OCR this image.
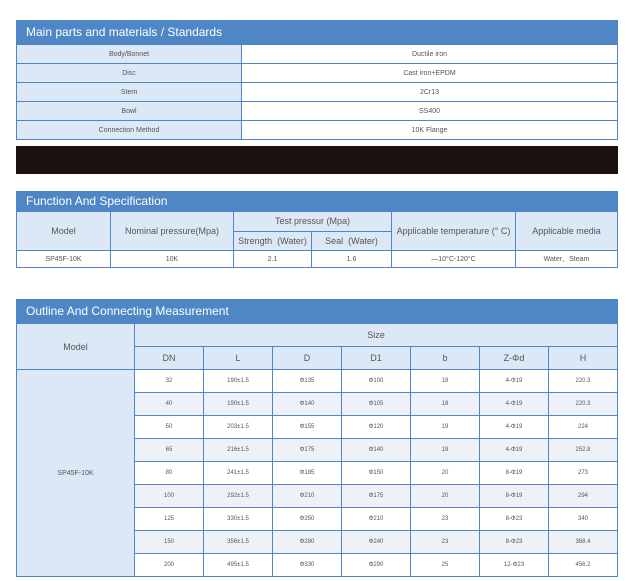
Main parts and materials / Standards
Body/Bonnet	Ductile iron
Disc	Cast iron+EPDM
Stem	2Cr13
Bowl	SS400
Connection Method	10K Flange
Function And Specification
Model	Nominal pressure(Mpa)	Test pressur (Mpa)		Applicable temperature (° C)	Applicable media
		Strength  (Water)	Seal  (Water)		
SP45F-10K	10K	2.1	1.6	—10°C-120°C	Water、Steam
Outline And Connecting Measurement
Model	Size						
	DN	L	D	D1	b	Z-Φd	H
SP45F-10K	32	190±1.5	Φ135	Φ100	18	4-Φ19	220.3
	40	190±1.5	Φ140	Φ105	18	4-Φ19	220.3
	50	203±1.5	Φ155	Φ120	19	4-Φ19	224
	65	216±1.5	Φ175	Φ140	19	4-Φ19	252.8
	80	241±1.5	Φ185	Φ150	20	8-Φ19	273
	100	292±1.5	Φ210	Φ175	20	8-Φ19	294
	125	330±1.5	Φ250	Φ210	23	8-Φ23	340
	150	356±1.5	Φ280	Φ240	23	8-Φ23	368.4
	200	495±1.5	Φ330	Φ290	25	12-Φ23	456.2
